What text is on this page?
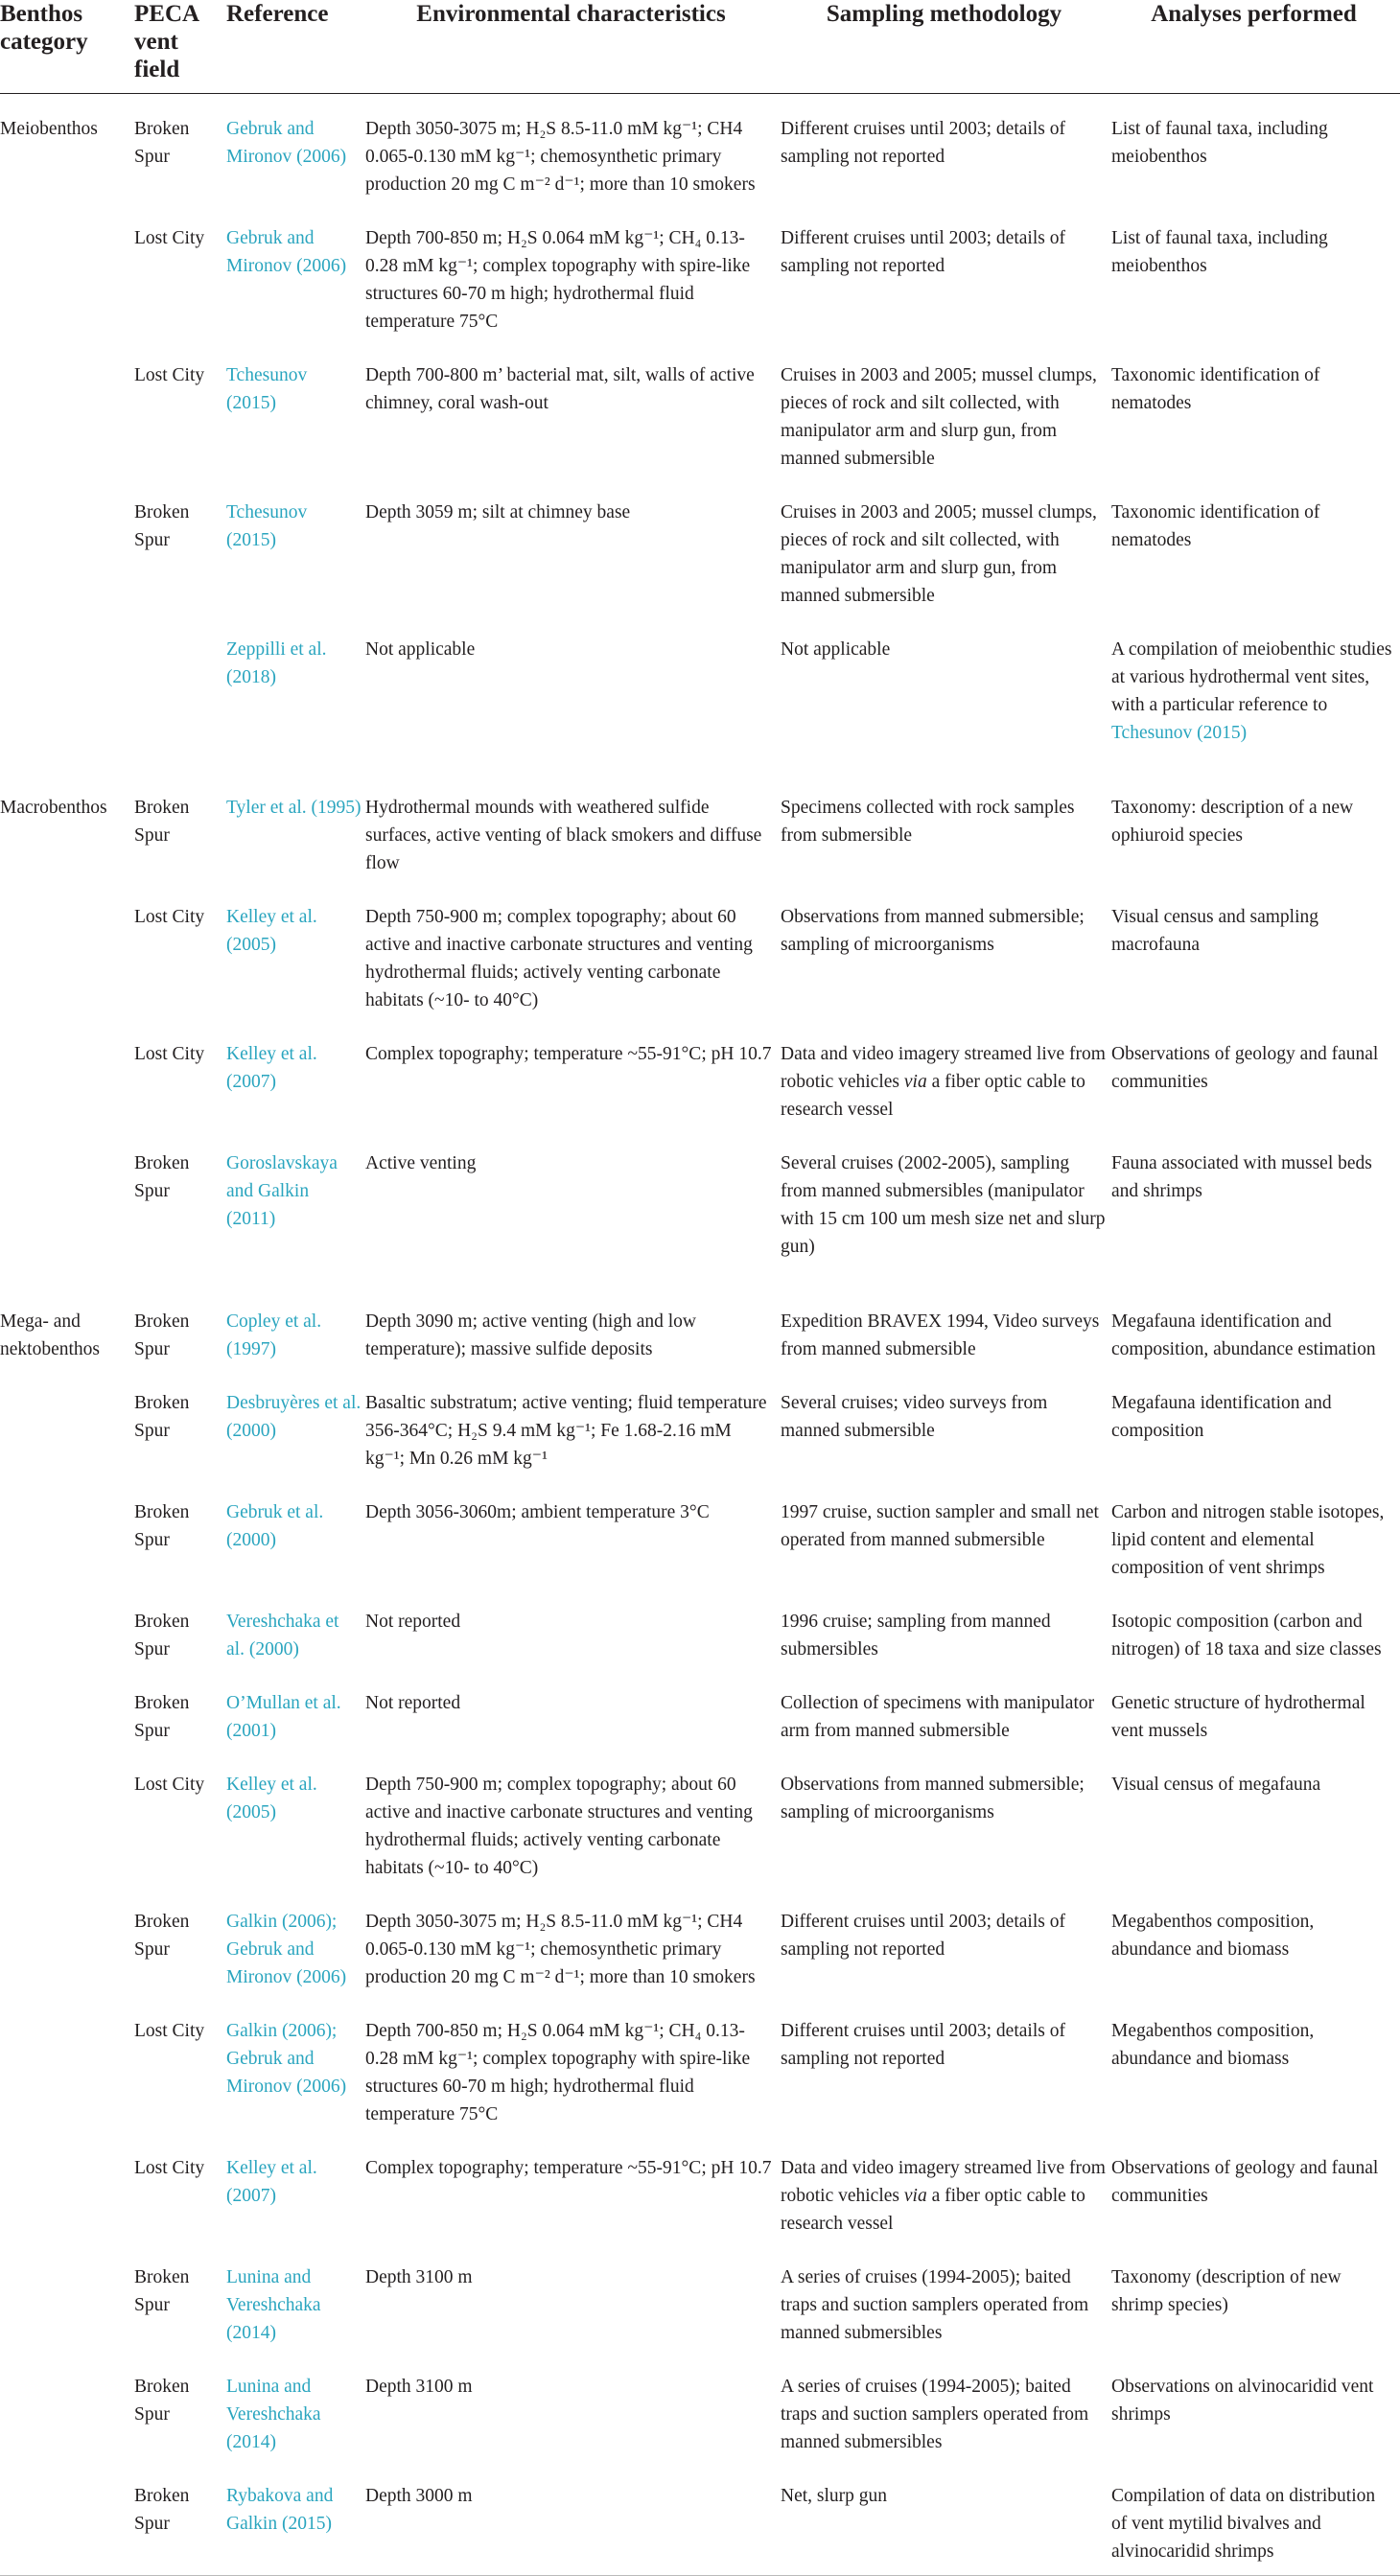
Benthos category	PECA vent field	Reference	Environmental characteristics	Sampling methodology	Analyses performed
Meiobenthos	Broken Spur	Gebruk and Mironov (2006)	Depth 3050-3075 m; H₂S 8.5-11.0 mM kg⁻¹; CH4 0.065-0.130 mM kg⁻¹; chemosynthetic primary production 20 mg C m⁻² d⁻¹; more than 10 smokers	Different cruises until 2003; details of sampling not reported	List of faunal taxa, including meiobenthos
	Lost City	Gebruk and Mironov (2006)	Depth 700-850 m; H₂S 0.064 mM kg⁻¹; CH₄ 0.13-0.28 mM kg⁻¹; complex topography with spire-like structures 60-70 m high; hydrothermal fluid temperature 75°C	Different cruises until 2003; details of sampling not reported	List of faunal taxa, including meiobenthos
	Lost City	Tchesunov (2015)	Depth 700-800 m’ bacterial mat, silt, walls of active chimney, coral wash-out	Cruises in 2003 and 2005; mussel clumps, pieces of rock and silt collected, with manipulator arm and slurp gun, from manned submersible	Taxonomic identification of nematodes
	Broken Spur	Tchesunov (2015)	Depth 3059 m; silt at chimney base	Cruises in 2003 and 2005; mussel clumps, pieces of rock and silt collected, with manipulator arm and slurp gun, from manned submersible	Taxonomic identification of nematodes
		Zeppilli et al. (2018)	Not applicable	Not applicable	A compilation of meiobenthic studies at various hydrothermal vent sites, with a particular reference to Tchesunov (2015)
Macrobenthos	Broken Spur	Tyler et al. (1995)	Hydrothermal mounds with weathered sulfide surfaces, active venting of black smokers and diffuse flow	Specimens collected with rock samples from submersible	Taxonomy: description of a new ophiuroid species
	Lost City	Kelley et al. (2005)	Depth 750-900 m; complex topography; about 60 active and inactive carbonate structures and venting hydrothermal fluids; actively venting carbonate habitats (~10- to 40°C)	Observations from manned submersible; sampling of microorganisms	Visual census and sampling macrofauna
	Lost City	Kelley et al. (2007)	Complex topography; temperature ~55-91°C; pH 10.7	Data and video imagery streamed live from robotic vehicles via a fiber optic cable to research vessel	Observations of geology and faunal communities
	Broken Spur	Goroslavskaya and Galkin (2011)	Active venting	Several cruises (2002-2005), sampling from manned submersibles (manipulator with 15 cm 100 um mesh size net and slurp gun)	Fauna associated with mussel beds and shrimps
Mega- and nektobenthos	Broken Spur	Copley et al. (1997)	Depth 3090 m; active venting (high and low temperature); massive sulfide deposits	Expedition BRAVEX 1994, Video surveys from manned submersible	Megafauna identification and composition, abundance estimation
	Broken Spur	Desbruyères et al. (2000)	Basaltic substratum; active venting; fluid temperature 356-364°C; H₂S 9.4 mM kg⁻¹; Fe 1.68-2.16 mM kg⁻¹; Mn 0.26 mM kg⁻¹	Several cruises; video surveys from manned submersible	Megafauna identification and composition
	Broken Spur	Gebruk et al. (2000)	Depth 3056-3060m; ambient temperature 3°C	1997 cruise, suction sampler and small net operated from manned submersible	Carbon and nitrogen stable isotopes, lipid content and elemental composition of vent shrimps
	Broken Spur	Vereshchaka et al. (2000)	Not reported	1996 cruise; sampling from manned submersibles	Isotopic composition (carbon and nitrogen) of 18 taxa and size classes
	Broken Spur	O’Mullan et al. (2001)	Not reported	Collection of specimens with manipulator arm from manned submersible	Genetic structure of hydrothermal vent mussels
	Lost City	Kelley et al. (2005)	Depth 750-900 m; complex topography; about 60 active and inactive carbonate structures and venting hydrothermal fluids; actively venting carbonate habitats (~10- to 40°C)	Observations from manned submersible; sampling of microorganisms	Visual census of megafauna
	Broken Spur	Galkin (2006); Gebruk and Mironov (2006)	Depth 3050-3075 m; H₂S 8.5-11.0 mM kg⁻¹; CH4 0.065-0.130 mM kg⁻¹; chemosynthetic primary production 20 mg C m⁻² d⁻¹; more than 10 smokers	Different cruises until 2003; details of sampling not reported	Megabenthos composition, abundance and biomass
	Lost City	Galkin (2006); Gebruk and Mironov (2006)	Depth 700-850 m; H₂S 0.064 mM kg⁻¹; CH₄ 0.13-0.28 mM kg⁻¹; complex topography with spire-like structures 60-70 m high; hydrothermal fluid temperature 75°C	Different cruises until 2003; details of sampling not reported	Megabenthos composition, abundance and biomass
	Lost City	Kelley et al. (2007)	Complex topography; temperature ~55-91°C; pH 10.7	Data and video imagery streamed live from robotic vehicles via a fiber optic cable to research vessel	Observations of geology and faunal communities
	Broken Spur	Lunina and Vereshchaka (2014)	Depth 3100 m	A series of cruises (1994-2005); baited traps and suction samplers operated from manned submersibles	Taxonomy (description of new shrimp species)
	Broken Spur	Lunina and Vereshchaka (2014)	Depth 3100 m	A series of cruises (1994-2005); baited traps and suction samplers operated from manned submersibles	Observations on alvinocaridid vent shrimps
	Broken Spur	Rybakova and Galkin (2015)	Depth 3000 m	Net, slurp gun	Compilation of data on distribution of vent mytilid bivalves and alvinocaridid shrimps
